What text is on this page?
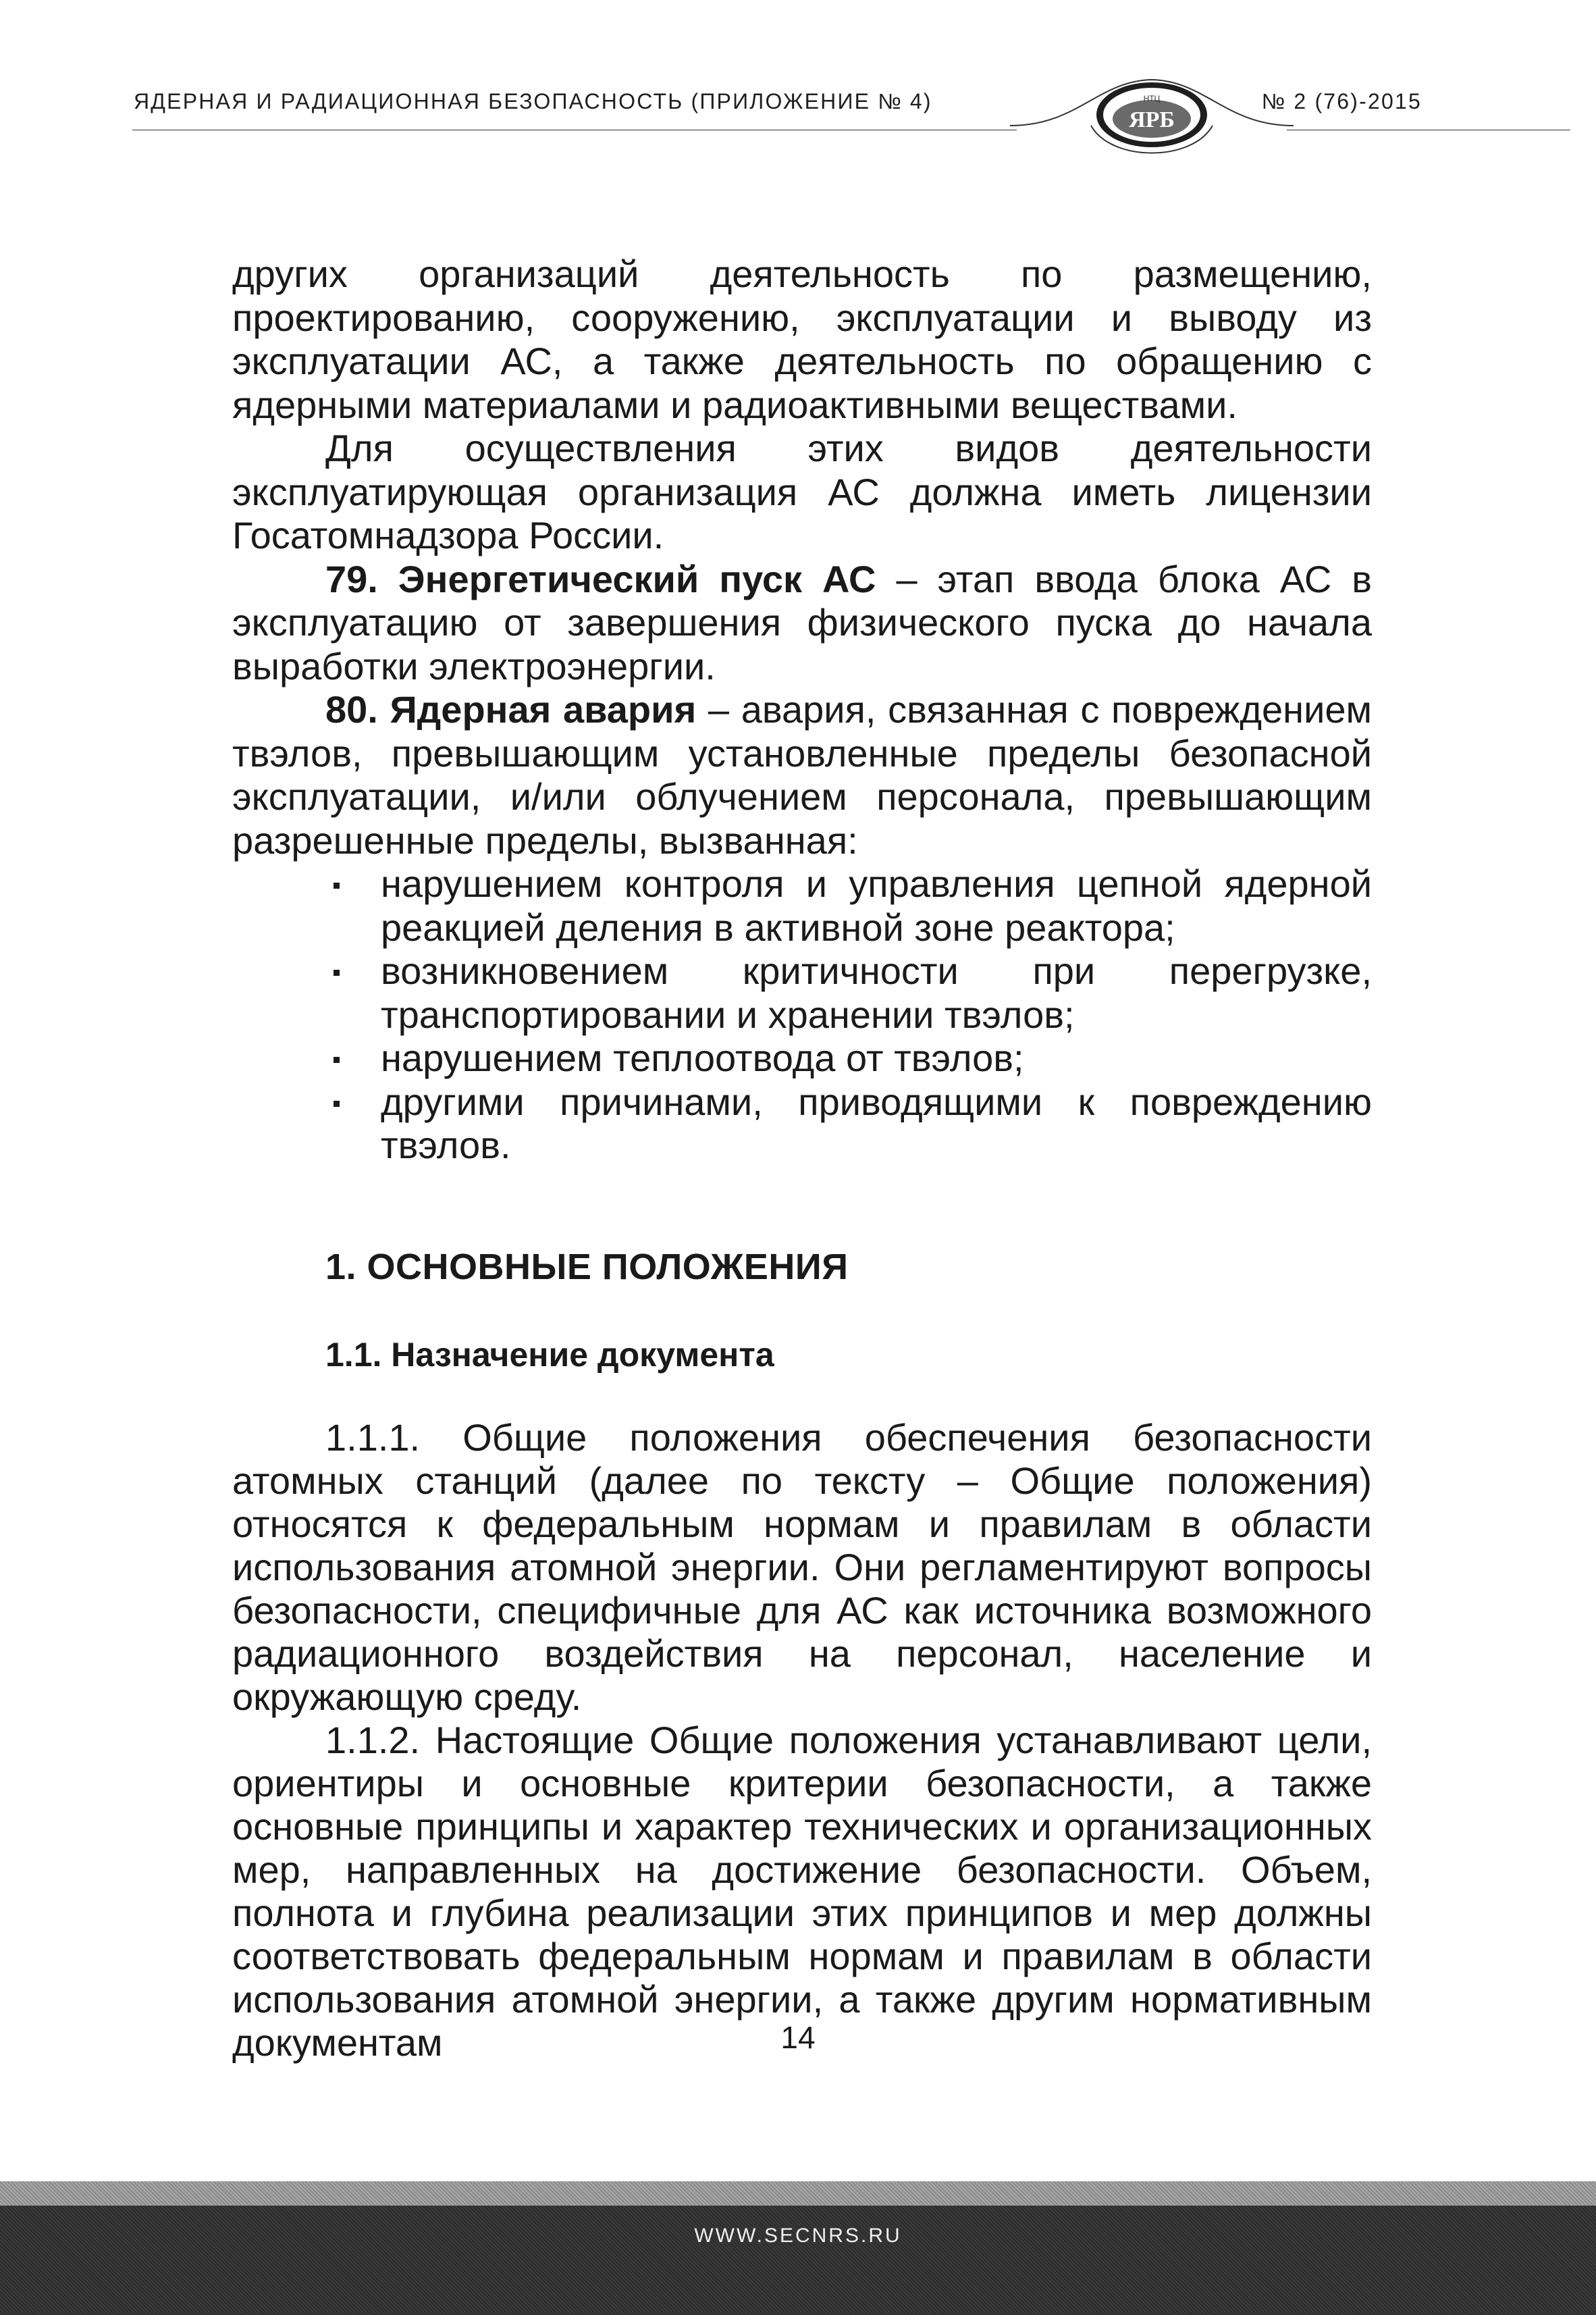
ЯДЕРНАЯ И РАДИАЦИОННАЯ БЕЗОПАСНОСТЬ (ПРИЛОЖЕНИЕ № 4)	№ 2 (76)-2015
ЯРБ
НТЦ

других организаций деятельность по размещению, проектированию, сооружению, эксплуатации и выводу из эксплуатации АС, а также деятельность по обращению с ядерными материалами и радиоактивными веществами.

Для осуществления этих видов деятельности эксплуатирующая организация АС должна иметь лицензии Госатомнадзора России.

79. Энергетический пуск АС – этап ввода блока АС в эксплуатацию от завершения физического пуска до начала выработки электроэнергии.

80. Ядерная авария – авария, связанная с повреждением твэлов, превышающим установленные пределы безопасной эксплуатации, и/или облучением персонала, превышающим разрешенные пределы, вызванная:

нарушением контроля и управления цепной ядерной реакцией деления в активной зоне реактора;
возникновением критичности при перегрузке, транспортировании и хранении твэлов;
нарушением теплоотвода от твэлов;
другими причинами, приводящими к повреждению твэлов.
1. ОСНОВНЫЕ ПОЛОЖЕНИЯ
1.1. Назначение документа

1.1.1. Общие положения обеспечения безопасности атомных станций (далее по тексту – Общие положения) относятся к федеральным нормам и правилам в области использования атомной энергии. Они регламентируют вопросы безопасности, специфичные для АС как источника возможного радиационного воздействия на персонал, население и окружающую среду.

1.1.2. Настоящие Общие положения устанавливают цели, ориентиры и основные критерии безопасности, а также основные принципы и характер технических и организационных мер, направленных на достижение безопасности. Объем, полнота и глубина реализации этих принципов и мер должны соответствовать федеральным нормам и правилам в области использования атомной энергии, а также другим нормативным документам	14
WWW.SECNRS.RU
